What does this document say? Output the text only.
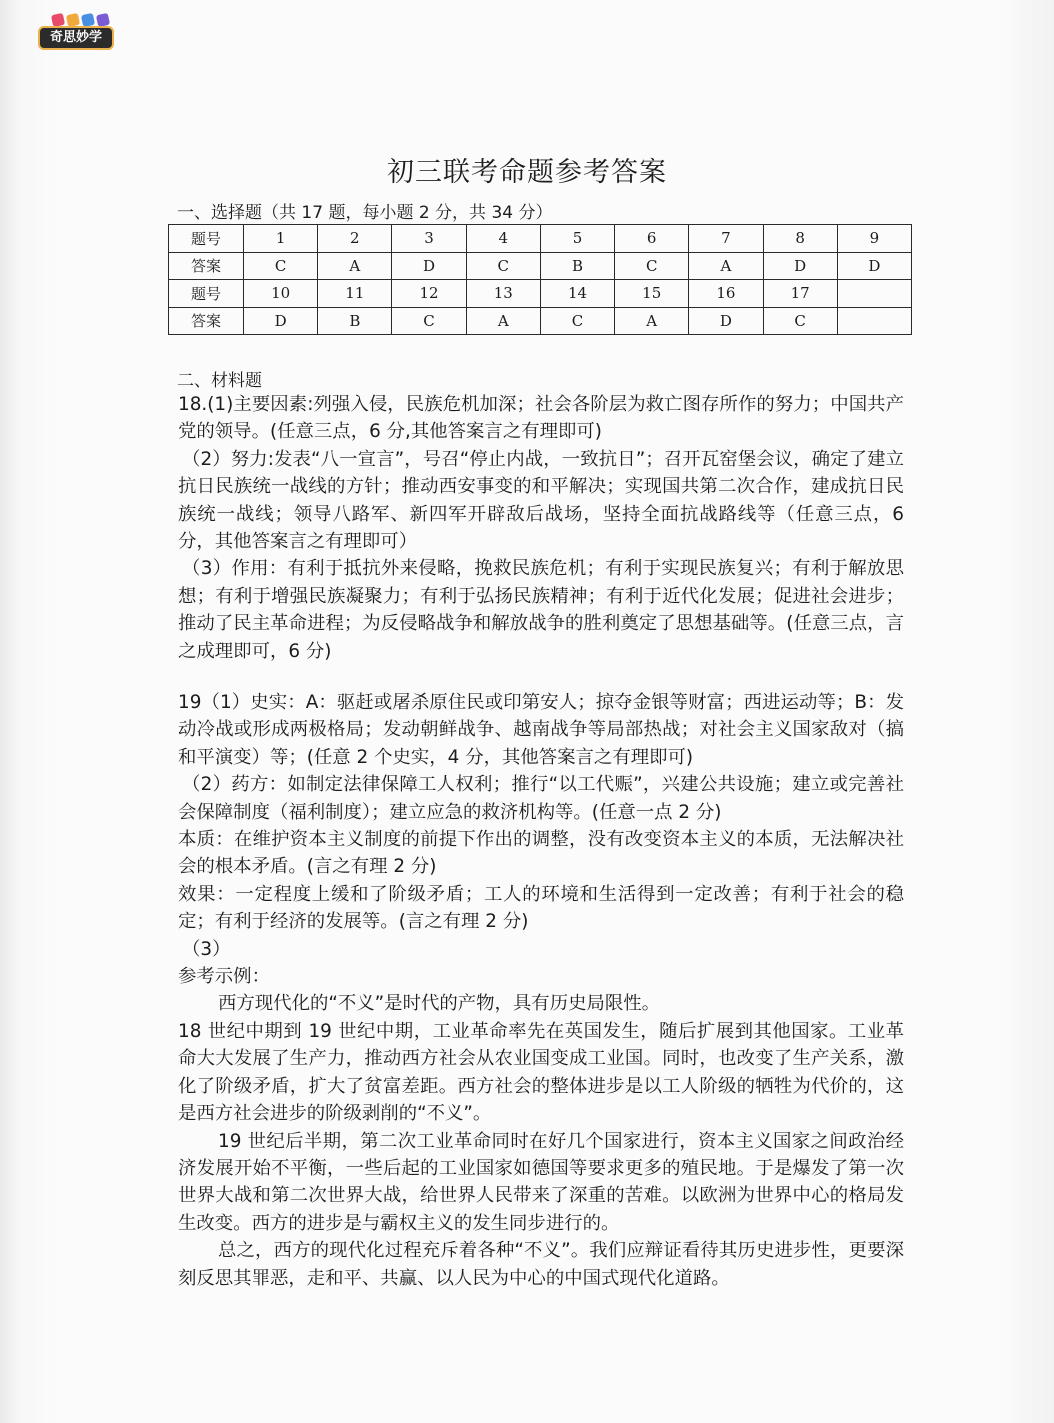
奇思妙学
初三联考命题参考答案
一、选择题（共 17 题，每小题 2 分，共 34 分）
题号	1	2	3	4	5	6	7	8	9
答案	C	A	D	C	B	C	A	D	D
题号	10	11	12	13	14	15	16	17	
答案	D	B	C	A	C	A	D	C	
二、材料题

18.(1)主要因素:列强入侵，民族危机加深；社会各阶层为救亡图存所作的努力；中国共产党的领导。(任意三点，6 分,其他答案言之有理即可)

（2）努力:发表“八一宣言”，号召“停止内战，一致抗日”；召开瓦窑堡会议，确定了建立抗日民族统一战线的方针；推动西安事变的和平解决；实现国共第二次合作，建成抗日民族统一战线；领导八路军、新四军开辟敌后战场，坚持全面抗战路线等（任意三点，6 分，其他答案言之有理即可）

（3）作用：有利于抵抗外来侵略，挽救民族危机；有利于实现民族复兴；有利于解放思想；有利于增强民族凝聚力；有利于弘扬民族精神；有利于近代化发展；促进社会进步；推动了民主革命进程；为反侵略战争和解放战争的胜利奠定了思想基础等。(任意三点，言之成理即可，6 分)

19（1）史实：A：驱赶或屠杀原住民或印第安人；掠夺金银等财富；西进运动等；B：发动冷战或形成两极格局；发动朝鲜战争、越南战争等局部热战；对社会主义国家敌对（搞和平演变）等；(任意 2 个史实，4 分，其他答案言之有理即可)

（2）药方：如制定法律保障工人权利；推行“以工代赈”，兴建公共设施；建立或完善社会保障制度（福利制度）；建立应急的救济机构等。(任意一点 2 分)

本质：在维护资本主义制度的前提下作出的调整，没有改变资本主义的本质，无法解决社会的根本矛盾。(言之有理 2 分)

效果：一定程度上缓和了阶级矛盾；工人的环境和生活得到一定改善；有利于社会的稳定；有利于经济的发展等。(言之有理 2 分)

（3）

参考示例：

西方现代化的“不义”是时代的产物，具有历史局限性。

18 世纪中期到 19 世纪中期，工业革命率先在英国发生，随后扩展到其他国家。工业革命大大发展了生产力，推动西方社会从农业国变成工业国。同时，也改变了生产关系，激化了阶级矛盾，扩大了贫富差距。西方社会的整体进步是以工人阶级的牺牲为代价的，这是西方社会进步的阶级剥削的“不义”。

19 世纪后半期，第二次工业革命同时在好几个国家进行，资本主义国家之间政治经济发展开始不平衡，一些后起的工业国家如德国等要求更多的殖民地。于是爆发了第一次世界大战和第二次世界大战，给世界人民带来了深重的苦难。以欧洲为世界中心的格局发生改变。西方的进步是与霸权主义的发生同步进行的。

总之，西方的现代化过程充斥着各种“不义”。我们应辩证看待其历史进步性，更要深刻反思其罪恶，走和平、共赢、以人民为中心的中国式现代化道路。
